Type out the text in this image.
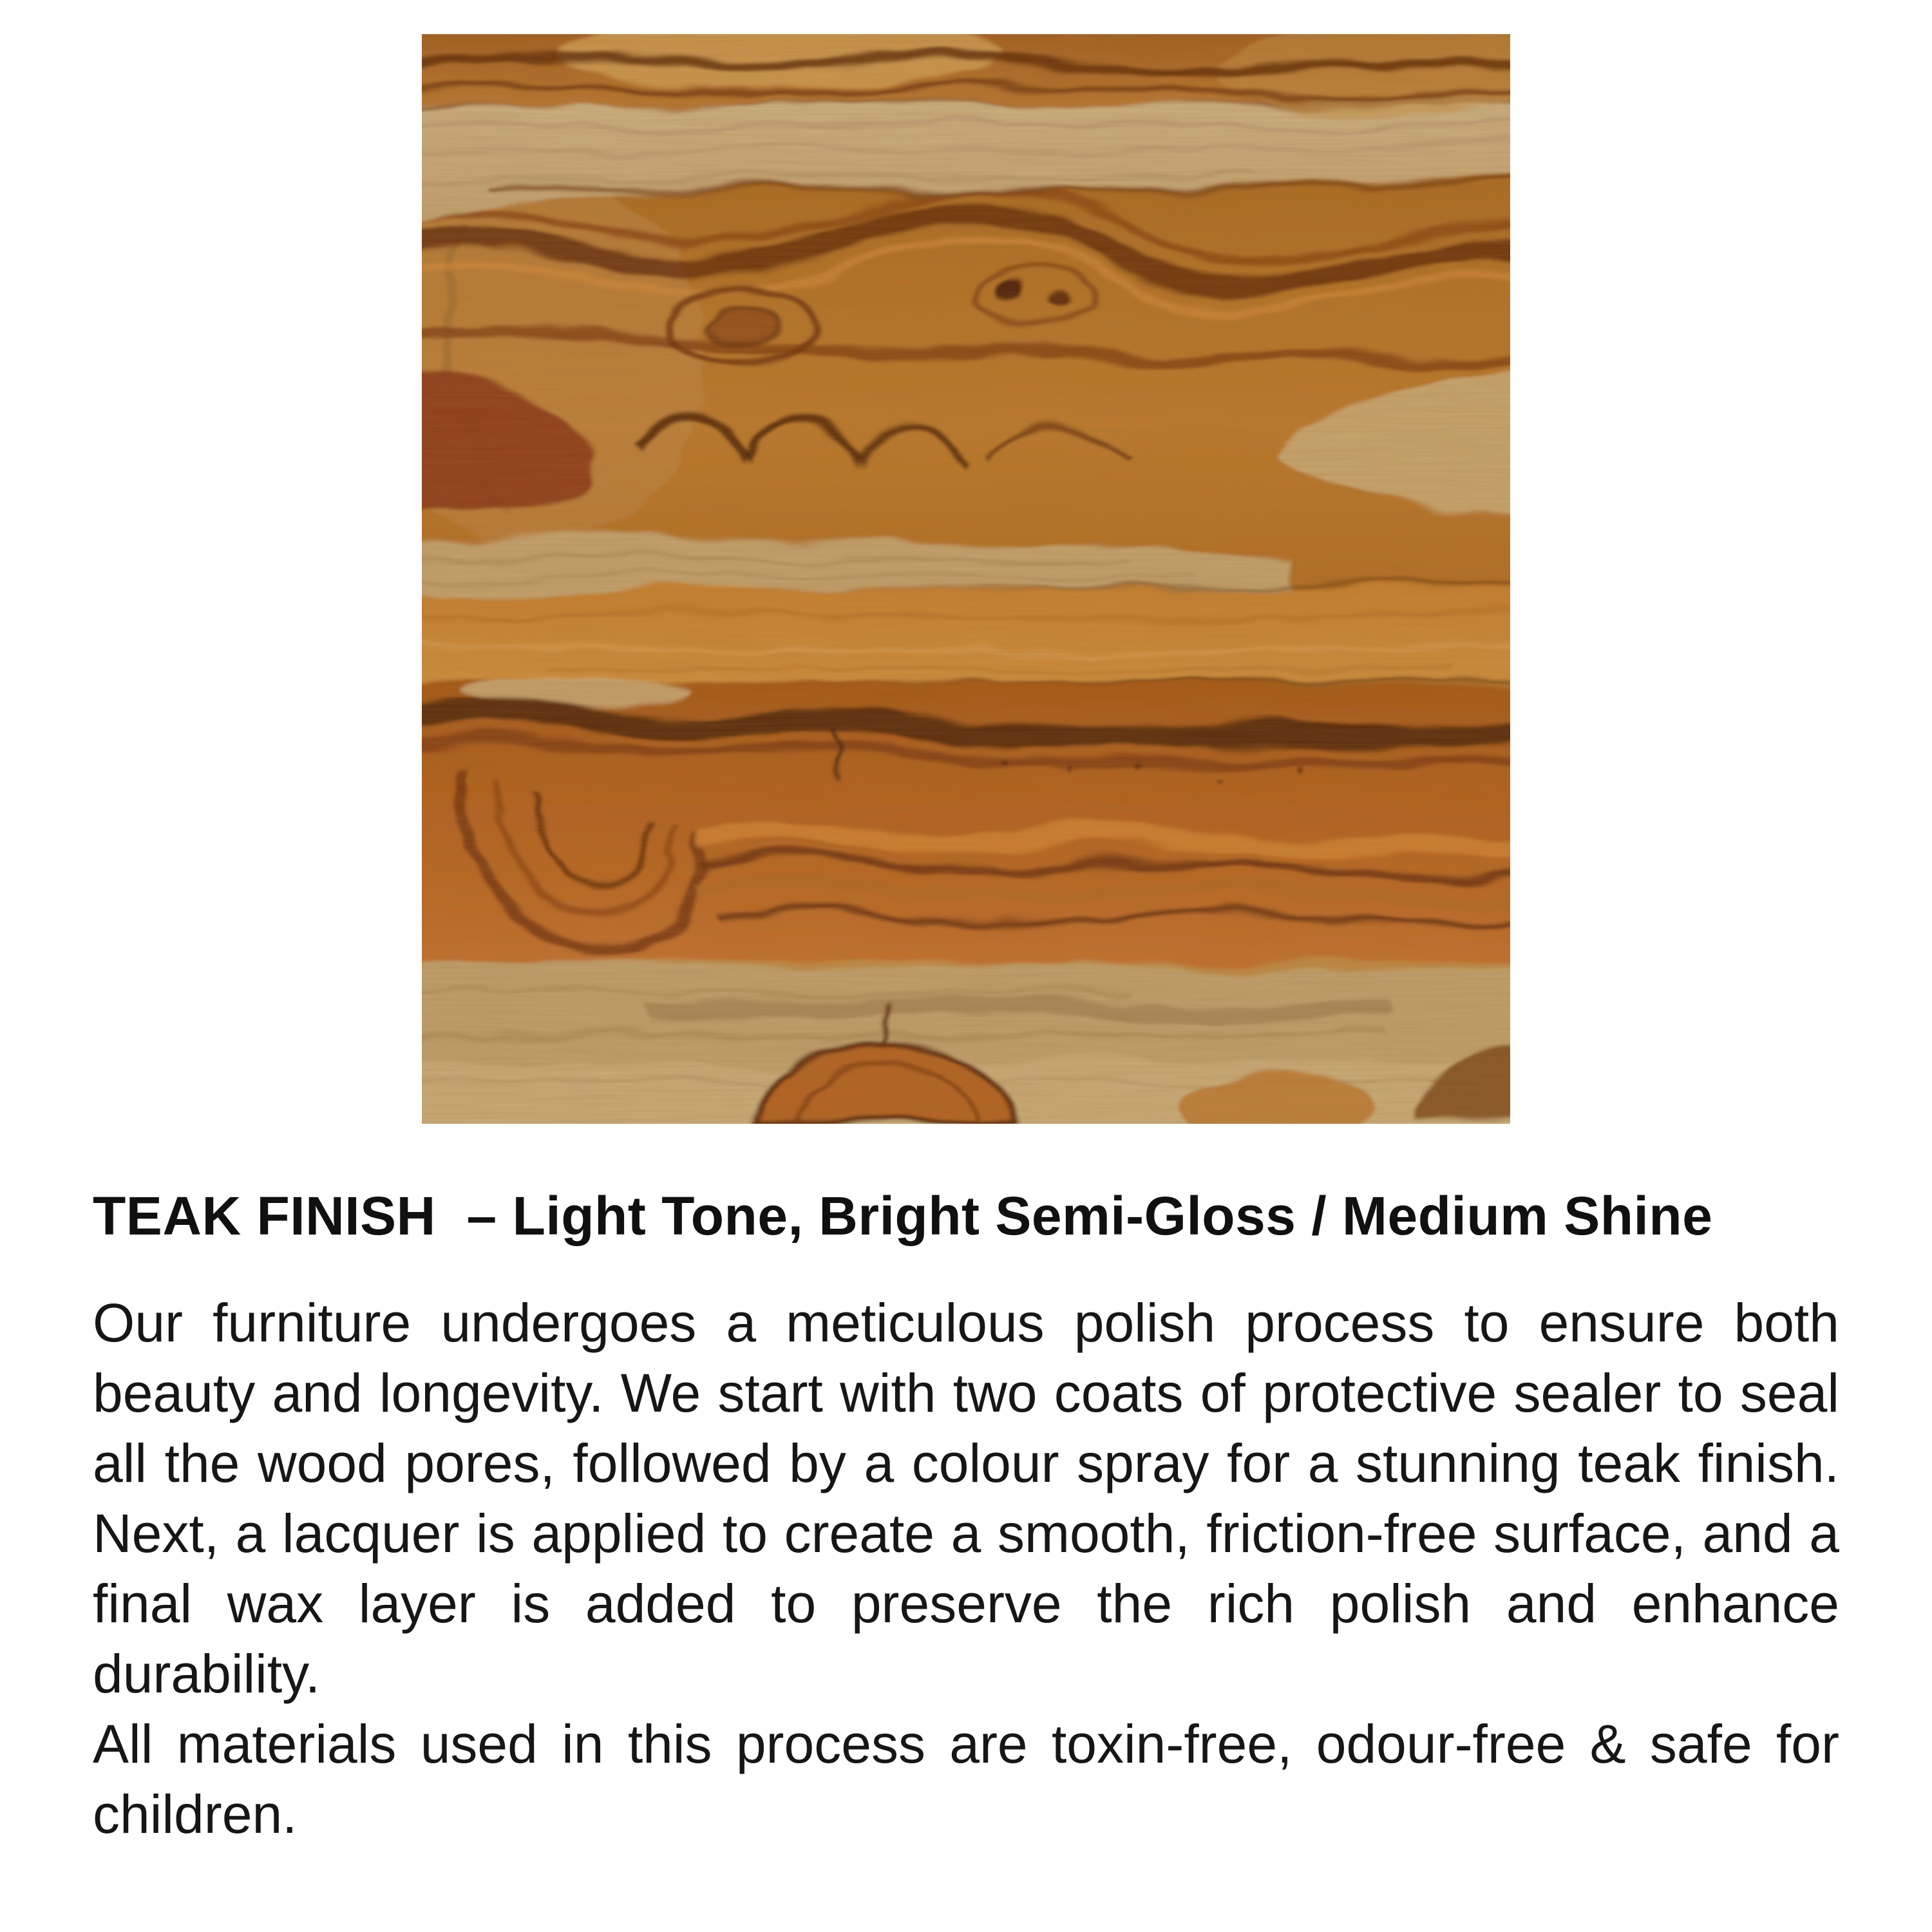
TEAK FINISH  – Light Tone, Bright Semi-Gloss / Medium Shine
Our furniture undergoes a meticulous polish process to ensure both
beauty and longevity. We start with two coats of protective sealer to seal
all the wood pores, followed by a colour spray for a stunning teak finish.
Next, a lacquer is applied to create a smooth, friction-free surface, and a
final wax layer is added to preserve the rich polish and enhance
durability.
All materials used in this process are toxin-free, odour-free & safe for
children.
